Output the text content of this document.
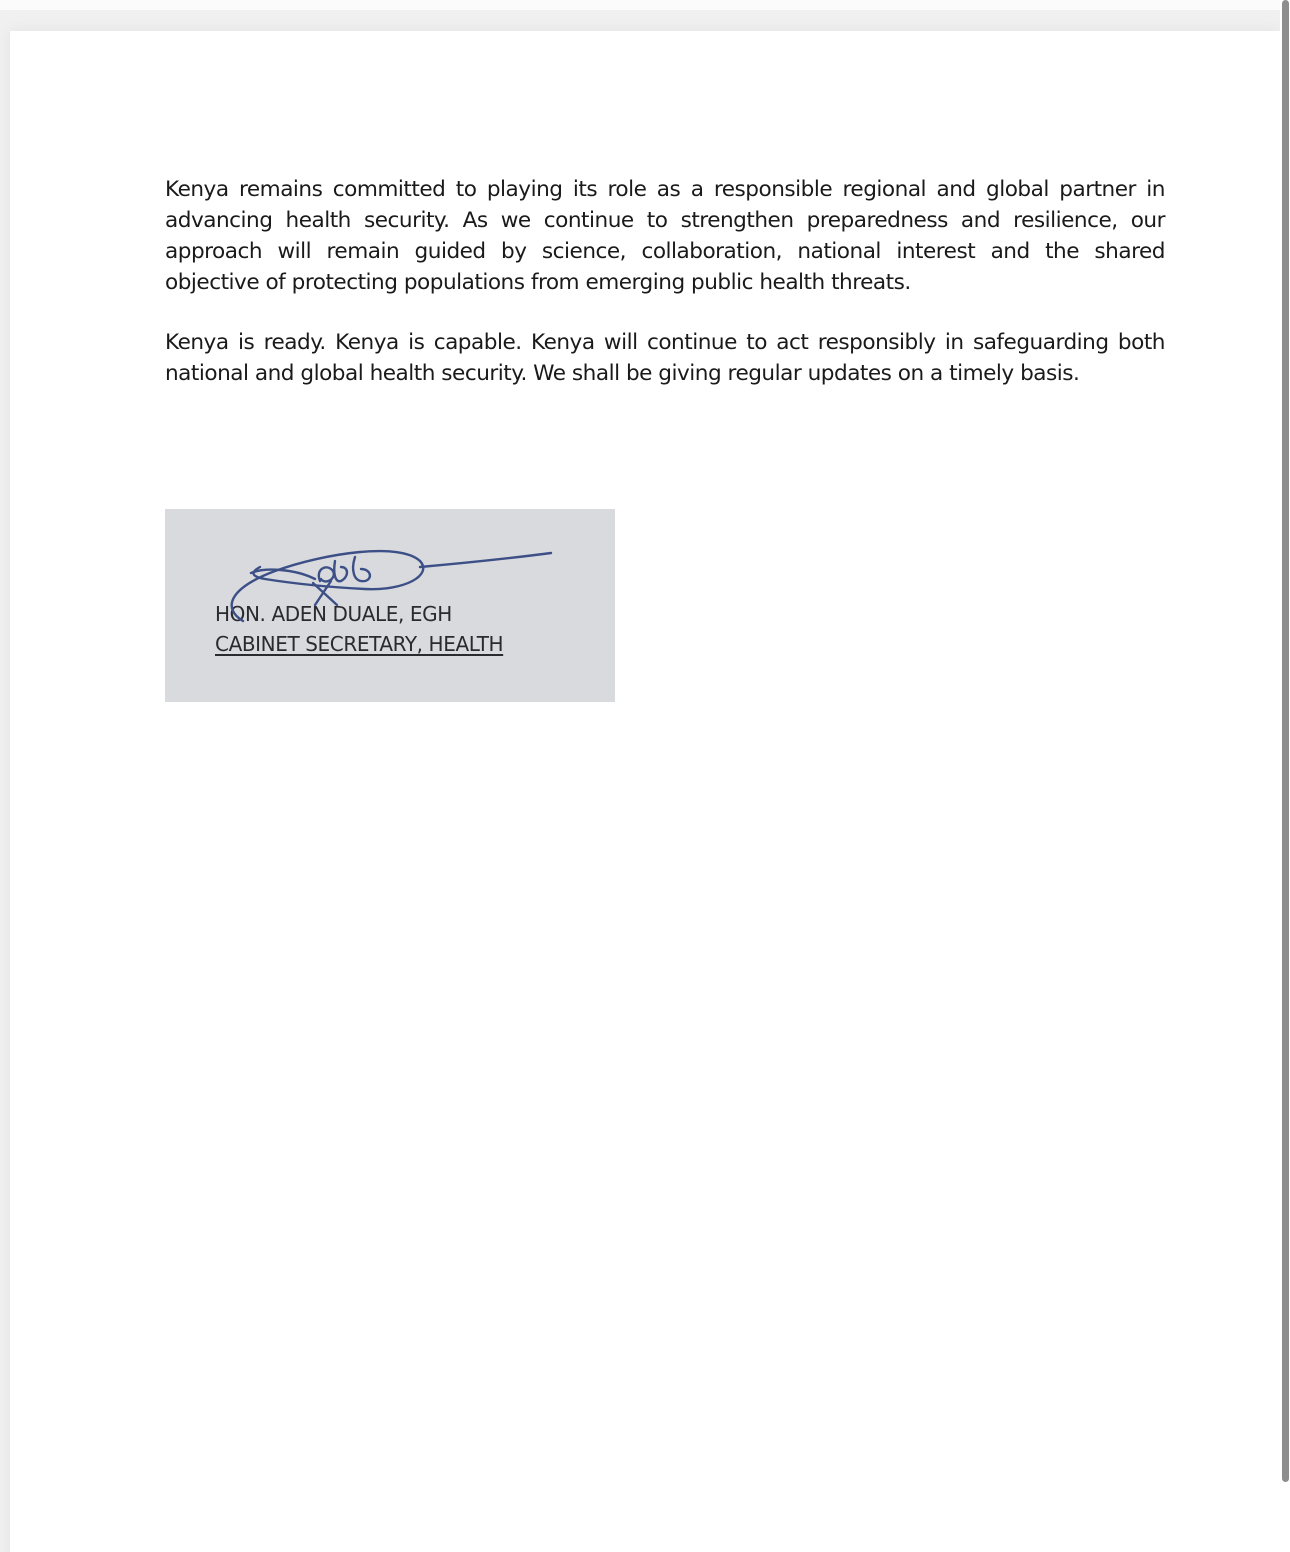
Kenya remains committed to playing its role as a responsible regional and global partner in advancing health security. As we continue to strengthen preparedness and resilience, our approach will remain guided by science, collaboration, national interest and the shared objective of protecting populations from emerging public health threats.

Kenya is ready. Kenya is capable. Kenya will continue to act responsibly in safeguarding both national and global health security. We shall be giving regular updates on a timely basis.

HON. ADEN DUALE, EGH
CABINET SECRETARY, HEALTH
